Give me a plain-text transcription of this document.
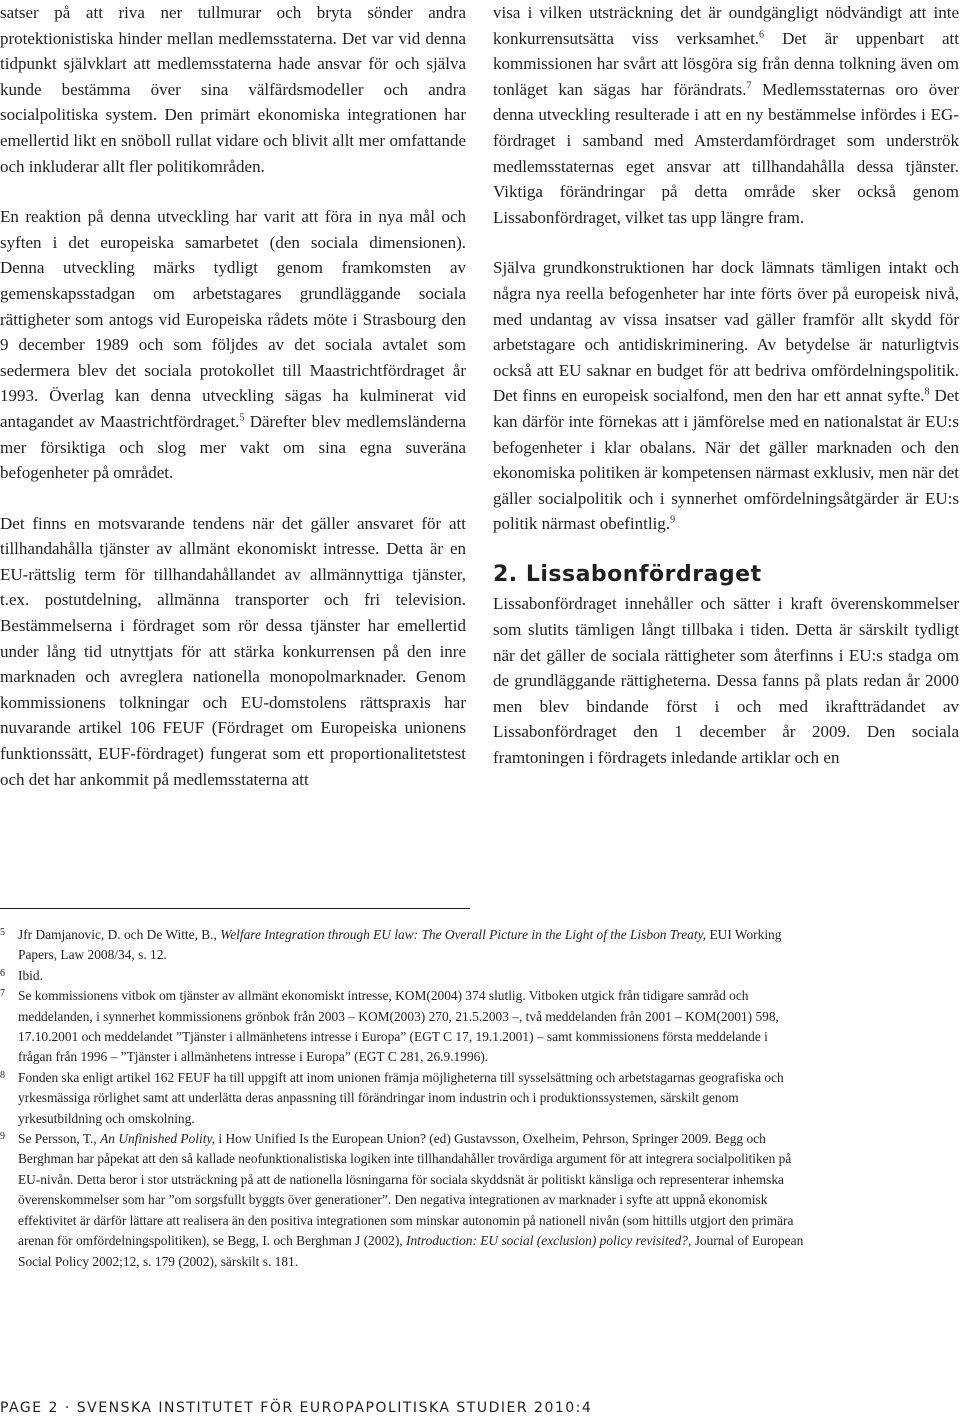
satser på att riva ner tullmurar och bryta sönder andra protektionistiska hinder mellan medlemsstaterna. Det var vid denna tidpunkt självklart att medlemsstaterna hade ansvar för och själva kunde bestämma över sina välfärdsmodeller och andra socialpolitiska system. Den primärt ekonomiska integrationen har emellertid likt en snöboll rullat vidare och blivit allt mer omfattande och inkluderar allt fler politikområden.

En reaktion på denna utveckling har varit att föra in nya mål och syften i det europeiska samarbetet (den sociala dimensionen). Denna utveckling märks tydligt genom framkomsten av gemenskapsstadgan om arbetstagares grundläggande sociala rättigheter som antogs vid Europeiska rådets möte i Strasbourg den 9 december 1989 och som följdes av det sociala avtalet som sedermera blev det sociala protokollet till Maastrichtfördraget år 1993. Överlag kan denna utveckling sägas ha kulminerat vid antagandet av Maastrichtfördraget.$^5$ Därefter blev medlemsländerna mer försiktiga och slog mer vakt om sina egna suveräna befogenheter på området.

Det finns en motsvarande tendens när det gäller ansvaret för att tillhandahålla tjänster av allmänt ekonomiskt intresse. Detta är en EU-rättslig term för tillhandahållandet av allmännyttiga tjänster, t.ex. postutdelning, allmänna transporter och fri television. Bestämmelserna i fördraget som rör dessa tjänster har emellertid under lång tid utnyttjats för att stärka konkurrensen på den inre marknaden och avreglera nationella monopolmarknader. Genom kommissionens tolkningar och EU-domstolens rättspraxis har nuvarande artikel 106 FEUF (Fördraget om Europeiska unionens funktionssätt, EUF-fördraget) fungerat som ett proportionalitetstest och det har ankommit på medlemsstaterna att

visa i vilken utsträckning det är oundgängligt nödvändigt att inte konkurrensutsätta viss verksamhet.$^6$ Det är uppenbart att kommissionen har svårt att lösgöra sig från denna tolkning även om tonläget kan sägas har förändrats.$^7$ Medlemsstaternas oro över denna utveckling resulterade i att en ny bestämmelse infördes i EG-fördraget i samband med Amsterdamfördraget som underströk medlemsstaternas eget ansvar att tillhandahålla dessa tjänster. Viktiga förändringar på detta område sker också genom Lissabonfördraget, vilket tas upp längre fram.

Själva grundkonstruktionen har dock lämnats tämligen intakt och några nya reella befogenheter har inte förts över på europeisk nivå, med undantag av vissa insatser vad gäller framför allt skydd för arbetstagare och antidiskriminering. Av betydelse är naturligtvis också att EU saknar en budget för att bedriva omfördelningspolitik. Det finns en europeisk socialfond, men den har ett annat syfte.$^8$ Det kan därför inte förnekas att i jämförelse med en nationalstat är EU:s befogenheter i klar obalans. När det gäller marknaden och den ekonomiska politiken är kompetensen närmast exklusiv, men när det gäller socialpolitik och i synnerhet omfördelningsåtgärder är EU:s politik närmast obefintlig.$^9$

2. Lissabonfördraget

Lissabonfördraget innehåller och sätter i kraft överenskommelser som slutits tämligen långt tillbaka i tiden. Detta är särskilt tydligt när det gäller de sociala rättigheter som återfinns i EU:s stadga om de grundläggande rättigheterna. Dessa fanns på plats redan år 2000 men blev bindande först i och med ikraftträdandet av Lissabonfördraget den 1 december år 2009. Den sociala framtoningen i fördragets inledande artiklar och en

5 Jfr Damjanovic, D. och De Witte, B., Welfare Integration through EU law: The Overall Picture in the Light of the Lisbon Treaty, EUI Working Papers, Law 2008/34, s. 12.
6 Ibid.
7 Se kommissionens vitbok om tjänster av allmänt ekonomiskt intresse, KOM(2004) 374 slutlig. Vitboken utgick från tidigare samråd och meddelanden, i synnerhet kommissionens grönbok från 2003 – KOM(2003) 270, 21.5.2003 –, två meddelanden från 2001 – KOM(2001) 598, 17.10.2001 och meddelandet ”Tjänster i allmänhetens intresse i Europa” (EGT C 17, 19.1.2001) – samt kommissionens första meddelande i frågan från 1996 – ”Tjänster i allmänhetens intresse i Europa” (EGT C 281, 26.9.1996).
8 Fonden ska enligt artikel 162 FEUF ha till uppgift att inom unionen främja möjligheterna till sysselsättning och arbetstagarnas geografiska och yrkesmässiga rörlighet samt att underlätta deras anpassning till förändringar inom industrin och i produktionssystemen, särskilt genom yrkesutbildning och omskolning.
9 Se Persson, T., An Unfinished Polity, i How Unified Is the European Union? (ed) Gustavsson, Oxelheim, Pehrson, Springer 2009. Begg och Berghman har påpekat att den så kallade neofunktionalistiska logiken inte tillhandahåller trovärdiga argument för att integrera socialpolitiken på EU-nivån. Detta beror i stor utsträckning på att de nationella lösningarna för sociala skyddsnät är politiskt känsliga och representerar inhemska överenskommelser som har ”om sorgsfullt byggts över generationer”. Den negativa integrationen av marknader i syfte att uppnå ekonomisk effektivitet är därför lättare att realisera än den positiva integrationen som minskar autonomin på nationell nivån (som hittills utgjort den primära arenan för omfördelningspolitiken), se Begg, I. och Berghman J (2002), Introduction: EU social (exclusion) policy revisited?, Journal of European Social Policy 2002;12, s. 179 (2002), särskilt s. 181.
PAGE 2 · SVENSKA INSTITUTET FÖR EUROPAPOLITISKA STUDIER 2010:4
